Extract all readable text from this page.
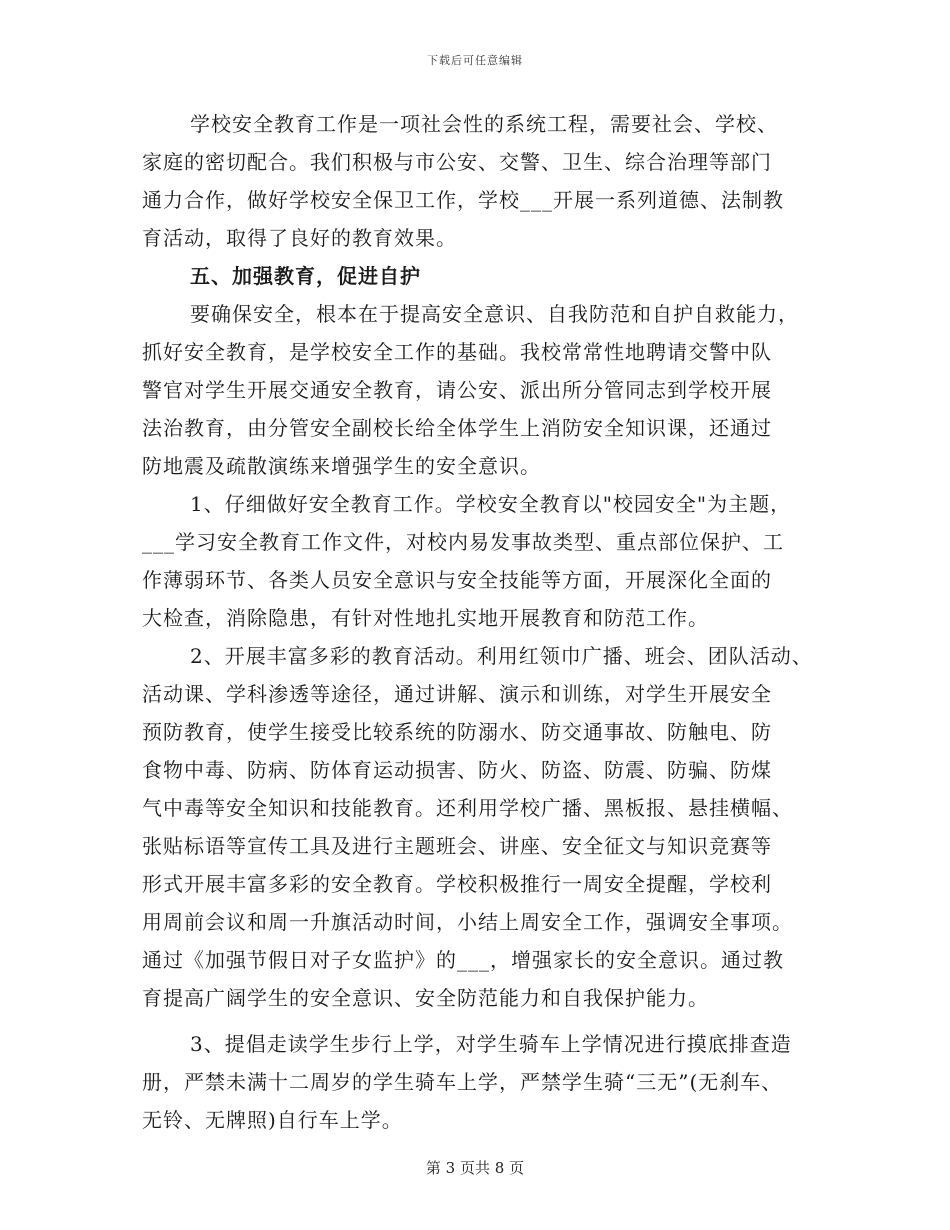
下载后可任意编辑
学校安全教育工作是一项社会性的系统工程，需要社会、学校、
家庭的密切配合。我们积极与市公安、交警、卫生、综合治理等部门
通力合作，做好学校安全保卫工作，学校___开展一系列道德、法制教
育活动，取得了良好的教育效果。
五、加强教育，促进自护
要确保安全，根本在于提高安全意识、自我防范和自护自救能力，
抓好安全教育，是学校安全工作的基础。我校常常性地聘请交警中队
警官对学生开展交通安全教育，请公安、派出所分管同志到学校开展
法治教育，由分管安全副校长给全体学生上消防安全知识课，还通过
防地震及疏散演练来增强学生的安全意识。
1、仔细做好安全教育工作。学校安全教育以"校园安全"为主题，
___学习安全教育工作文件，对校内易发事故类型、重点部位保护、工
作薄弱环节、各类人员安全意识与安全技能等方面，开展深化全面的
大检查，消除隐患，有针对性地扎实地开展教育和防范工作。
2、开展丰富多彩的教育活动。利用红领巾广播、班会、团队活动、
活动课、学科渗透等途径，通过讲解、演示和训练，对学生开展安全
预防教育，使学生接受比较系统的防溺水、防交通事故、防触电、防
食物中毒、防病、防体育运动损害、防火、防盗、防震、防骗、防煤
气中毒等安全知识和技能教育。还利用学校广播、黑板报、悬挂横幅、
张贴标语等宣传工具及进行主题班会、讲座、安全征文与知识竞赛等
形式开展丰富多彩的安全教育。学校积极推行一周安全提醒，学校利
用周前会议和周一升旗活动时间，小结上周安全工作，强调安全事项。
通过《加强节假日对子女监护》的___，增强家长的安全意识。通过教
育提高广阔学生的安全意识、安全防范能力和自我保护能力。
3、提倡走读学生步行上学，对学生骑车上学情况进行摸底排查造
册，严禁未满十二周岁的学生骑车上学，严禁学生骑“三无”(无刹车、
无铃、无牌照)自行车上学。
第 3 页共 8 页
